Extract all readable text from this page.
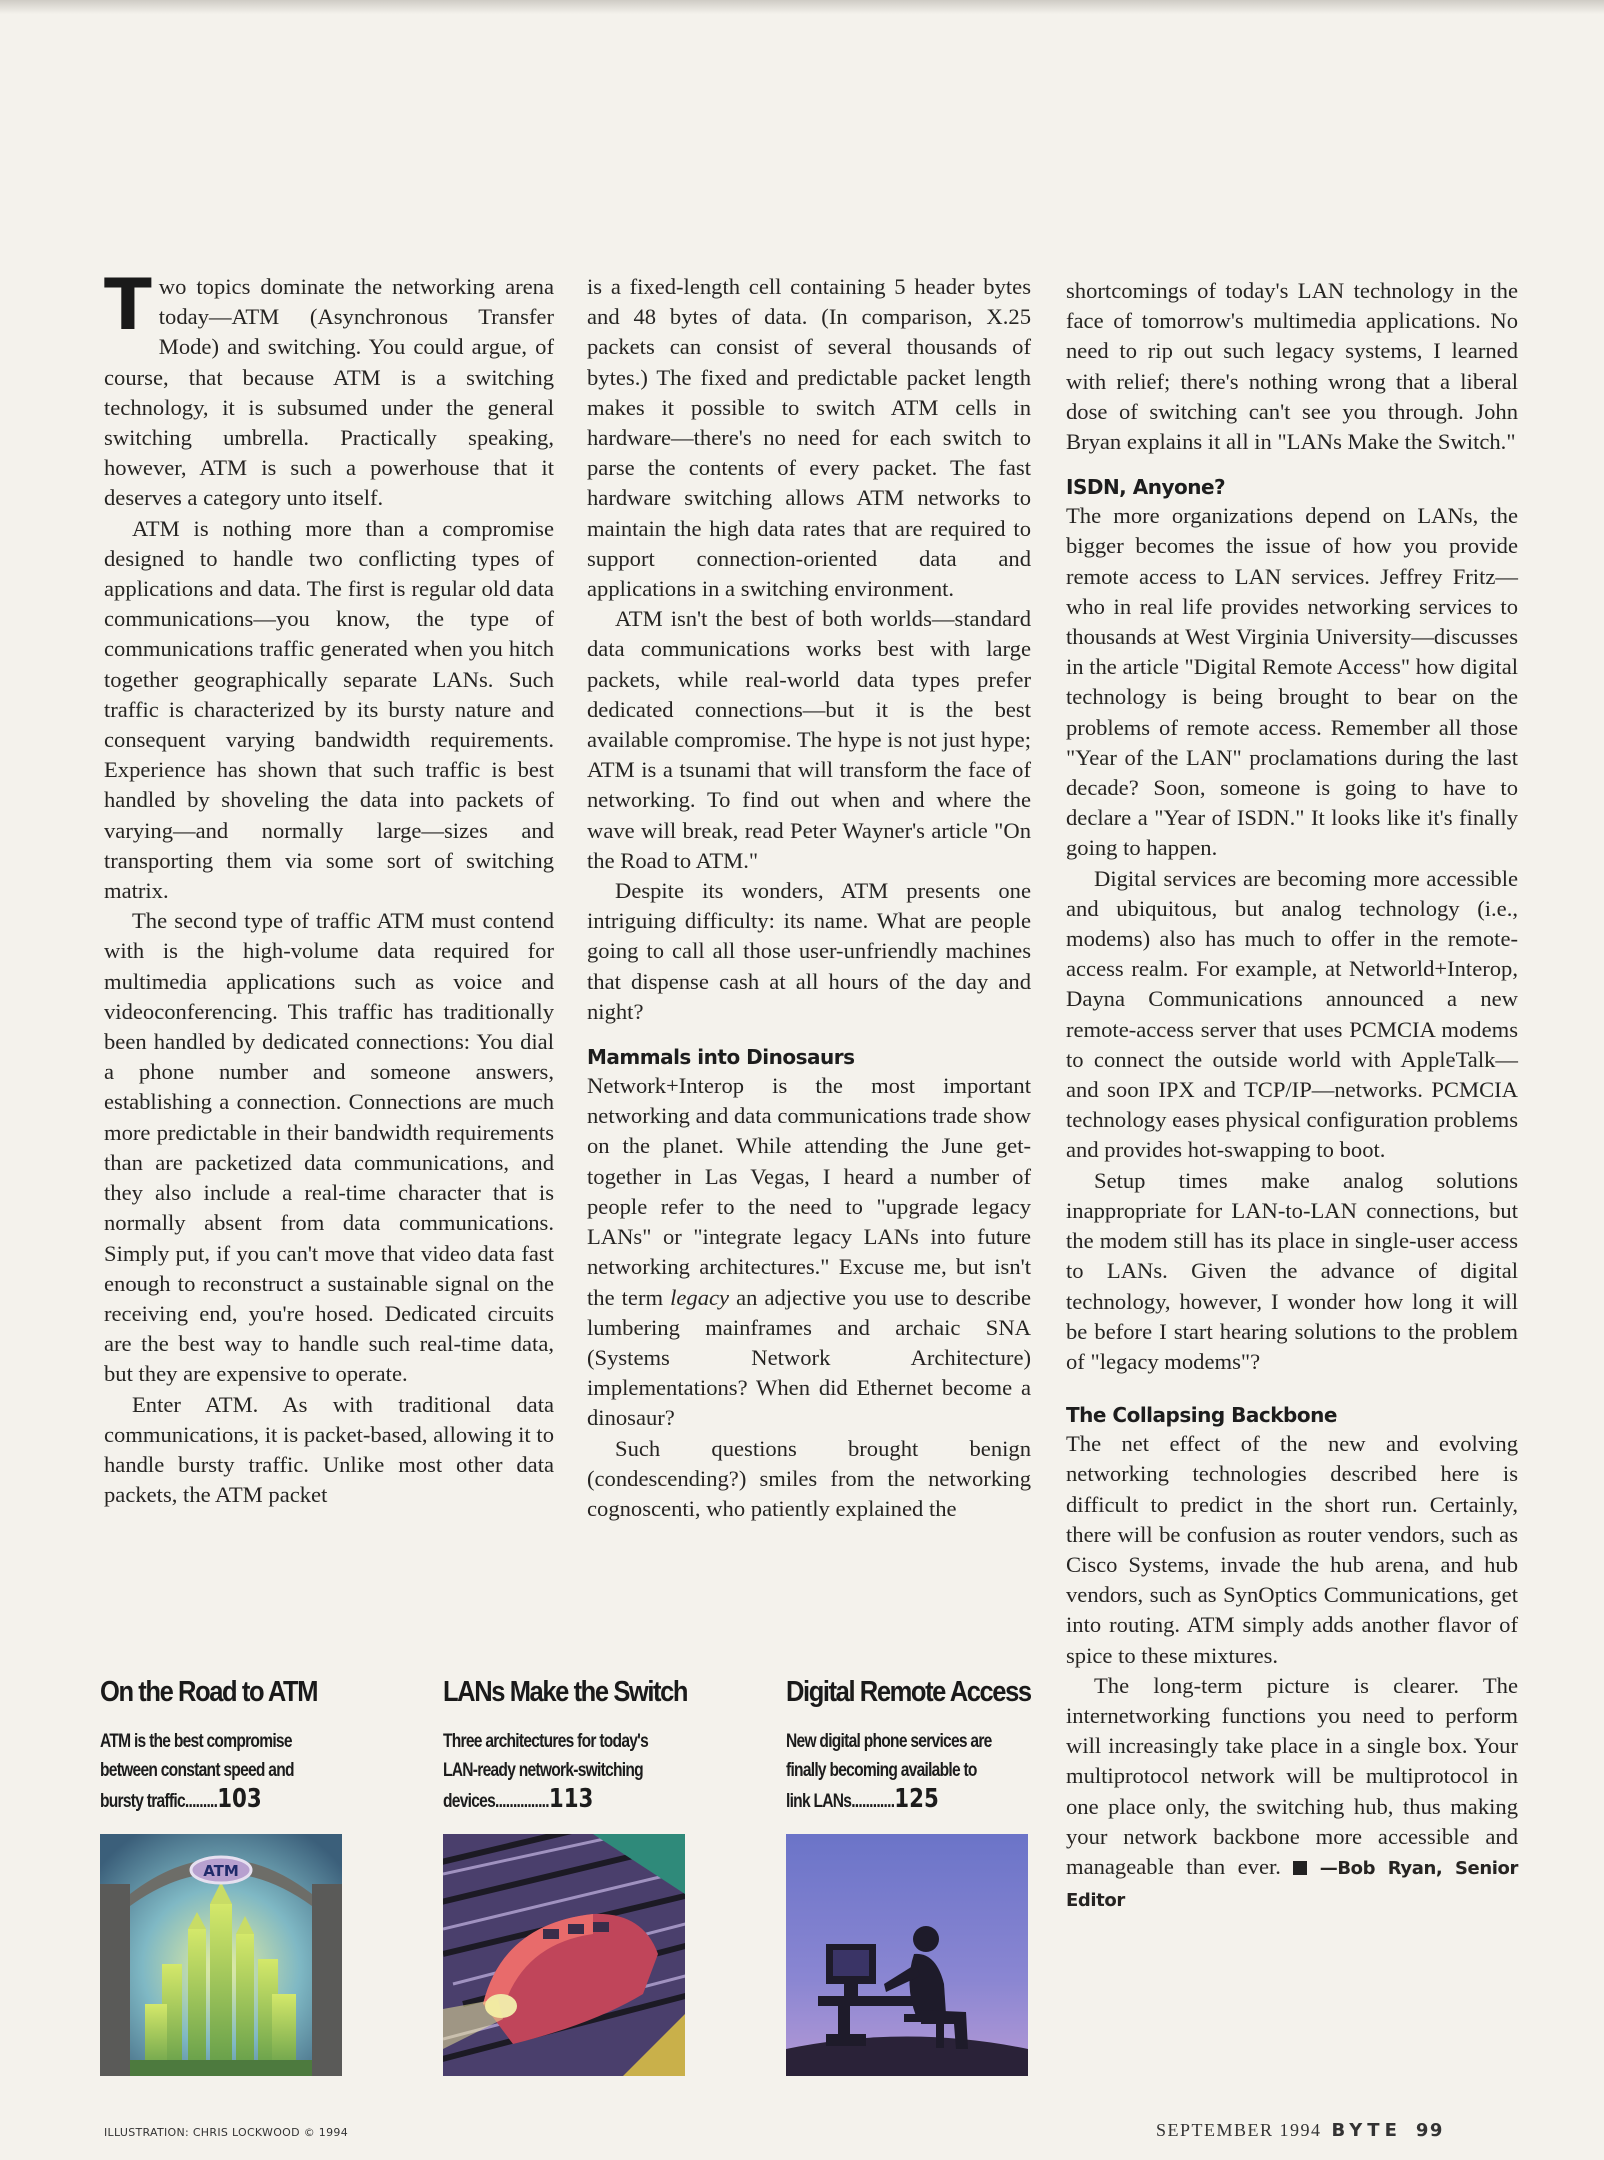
Two topics dominate the networking arena today—ATM (Asynchronous Transfer Mode) and switching. You could argue, of course, that because ATM is a switching technology, it is subsumed under the general switching umbrella. Practically speaking, however, ATM is such a powerhouse that it deserves a category unto itself.

ATM is nothing more than a compromise designed to handle two conflicting types of applications and data. The first is regular old data communications—you know, the type of communications traffic generated when you hitch together geographically separate LANs. Such traffic is characterized by its bursty nature and consequent varying bandwidth requirements. Experience has shown that such traffic is best handled by shoveling the data into packets of varying—and normally large—sizes and transporting them via some sort of switching matrix.

The second type of traffic ATM must contend with is the high-volume data required for multimedia applications such as voice and videoconferencing. This traffic has traditionally been handled by dedicated connections: You dial a phone number and someone answers, establishing a connection. Connections are much more predictable in their bandwidth requirements than are packetized data communications, and they also include a real-time character that is normally absent from data communications. Simply put, if you can't move that video data fast enough to reconstruct a sustainable signal on the receiving end, you're hosed. Dedicated circuits are the best way to handle such real-time data, but they are expensive to operate.

Enter ATM. As with traditional data communications, it is packet-based, allowing it to handle bursty traffic. Unlike most other data packets, the ATM packet

is a fixed-length cell containing 5 header bytes and 48 bytes of data. (In comparison, X.25 packets can consist of several thousands of bytes.) The fixed and predictable packet length makes it possible to switch ATM cells in hardware—there's no need for each switch to parse the contents of every packet. The fast hardware switching allows ATM networks to maintain the high data rates that are required to support connection-oriented data and applications in a switching environment.

ATM isn't the best of both worlds—standard data communications works best with large packets, while real-world data types prefer dedicated connections—but it is the best available compromise. The hype is not just hype; ATM is a tsunami that will transform the face of networking. To find out when and where the wave will break, read Peter Wayner's article "On the Road to ATM."

Despite its wonders, ATM presents one intriguing difficulty: its name. What are people going to call all those user-unfriendly machines that dispense cash at all hours of the day and night?

Mammals into Dinosaurs

Network+Interop is the most important networking and data communications trade show on the planet. While attending the June get-together in Las Vegas, I heard a number of people refer to the need to "upgrade legacy LANs" or "integrate legacy LANs into future networking architectures." Excuse me, but isn't the term legacy an adjective you use to describe lumbering mainframes and archaic SNA (Systems Network Architecture) implementations? When did Ethernet become a dinosaur?

Such questions brought benign (condescending?) smiles from the networking cognoscenti, who patiently explained the

shortcomings of today's LAN technology in the face of tomorrow's multimedia applications. No need to rip out such legacy systems, I learned with relief; there's nothing wrong that a liberal dose of switching can't see you through. John Bryan explains it all in "LANs Make the Switch."

ISDN, Anyone?

The more organizations depend on LANs, the bigger becomes the issue of how you provide remote access to LAN services. Jeffrey Fritz—who in real life provides networking services to thousands at West Virginia University—discusses in the article "Digital Remote Access" how digital technology is being brought to bear on the problems of remote access. Remember all those "Year of the LAN" proclamations during the last decade? Soon, someone is going to have to declare a "Year of ISDN." It looks like it's finally going to happen.

Digital services are becoming more accessible and ubiquitous, but analog technology (i.e., modems) also has much to offer in the remote-access realm. For example, at Networld+Interop, Dayna Communications announced a new remote-access server that uses PCMCIA modems to connect the outside world with AppleTalk—and soon IPX and TCP/IP—networks. PCMCIA technology eases physical configuration problems and provides hot-swapping to boot.

Setup times make analog solutions inappropriate for LAN-to-LAN connections, but the modem still has its place in single-user access to LANs. Given the advance of digital technology, however, I wonder how long it will be before I start hearing solutions to the problem of "legacy modems"?

The Collapsing Backbone

The net effect of the new and evolving networking technologies described here is difficult to predict in the short run. Certainly, there will be confusion as router vendors, such as Cisco Systems, invade the hub arena, and hub vendors, such as SynOptics Communications, get into routing. ATM simply adds another flavor of spice to these mixtures.

The long-term picture is clearer. The internetworking functions you need to perform will increasingly take place in a single box. Your multiprotocol network will be multiprotocol in one place only, the switching hub, thus making your network backbone more accessible and manageable than ever. —Bob Ryan, Senior Editor

On the Road to ATM
ATM is the best compromise between constant speed and bursty traffic.........103
ATM
LANs Make the Switch
Three architectures for today's LAN-ready network-switching devices...............113
Digital Remote Access
New digital phone services are finally becoming available to link LANs............125
ILLUSTRATION: CHRIS LOCKWOOD © 1994	SEPTEMBER 1994 BYTE 99
